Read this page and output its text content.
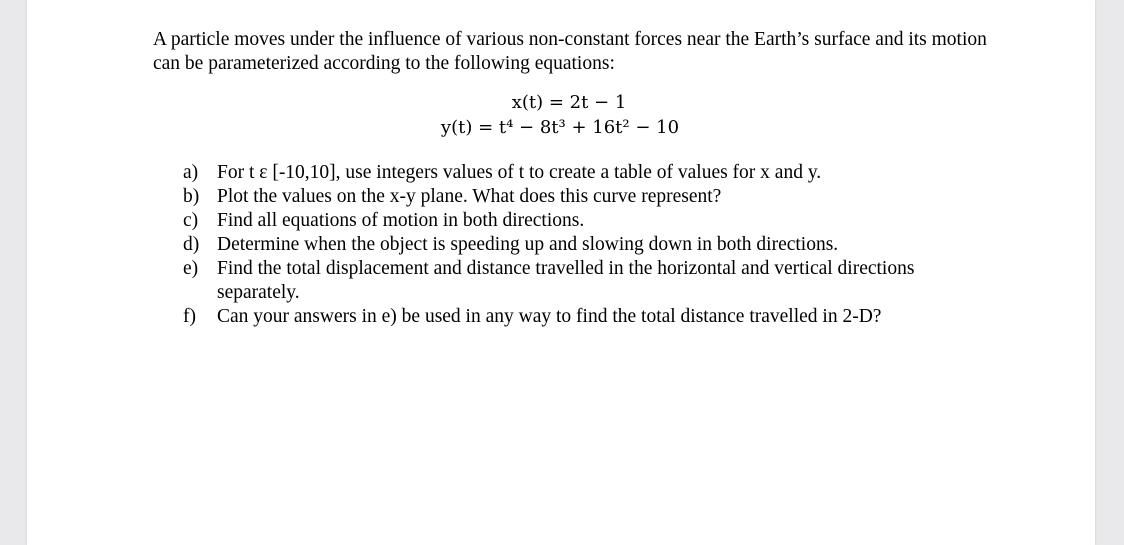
A particle moves under the influence of various non-constant forces near the Earth’s surface and its motion can be parameterized according to the following equations:

x(t) = 2t − 1
y(t) = t⁴ − 8t³ + 16t² − 10
a) For t ε [-10,10], use integers values of t to create a table of values for x and y.
b) Plot the values on the x-y plane. What does this curve represent?
c) Find all equations of motion in both directions.
d) Determine when the object is speeding up and slowing down in both directions.
e) Find the total displacement and distance travelled in the horizontal and vertical directions separately.
f) Can your answers in e) be used in any way to find the total distance travelled in 2-D?
